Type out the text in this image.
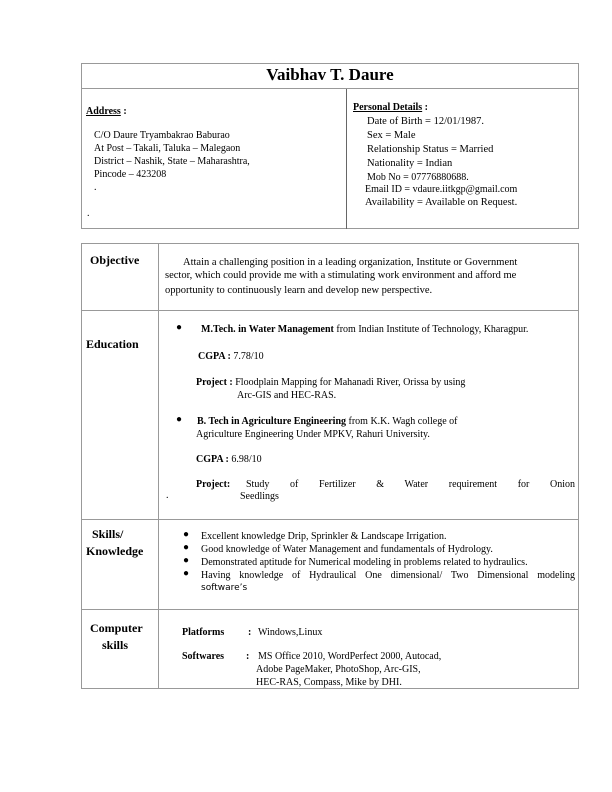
Vaibhav T. Daure
Address :
C/O Daure Tryambakrao Baburao
At Post – Takali, Taluka – Malegaon
District – Nashik, State – Maharashtra,
Pincode – 423208
.
.
Personal Details :
Date of Birth = 12/01/1987.
Sex = Male
Relationship Status = Married
Nationality = Indian
Mob No = 07776880688.
Email ID = vdaure.iitkgp@gmail.com
Availability = Available on Request.
Objective	Attain a challenging position in a leading organization, Institute or Government
sector, which could provide me with a stimulating work environment and afford me
opportunity to continuously learn and develop new perspective.
Education
● M.Tech. in Water Management from Indian Institute of Technology, Kharagpur.
CGPA : 7.78/10
Project : Floodplain Mapping for Mahanadi River, Orissa by using
Arc-GIS and HEC-RAS.
● B. Tech in Agriculture Engineering from K.K. Wagh college of
Agriculture Engineering Under MPKV, Rahuri University.
CGPA : 6.98/10
Project: Study of Fertilizer & Water requirement for Onion
.	Seedlings
Skills/
Knowledge
● Excellent knowledge Drip, Sprinkler & Landscape Irrigation.
● Good knowledge of Water Management and fundamentals of Hydrology.
● Demonstrated aptitude for Numerical modeling in problems related to hydraulics.
● Having knowledge of Hydraulical One dimensional/ Two Dimensional modeling
software’s
Computer
skills
Platforms : Windows,Linux
Softwares : MS Office 2010, WordPerfect 2000, Autocad,
Adobe PageMaker, PhotoShop, Arc-GIS,
HEC-RAS, Compass, Mike by DHI.
